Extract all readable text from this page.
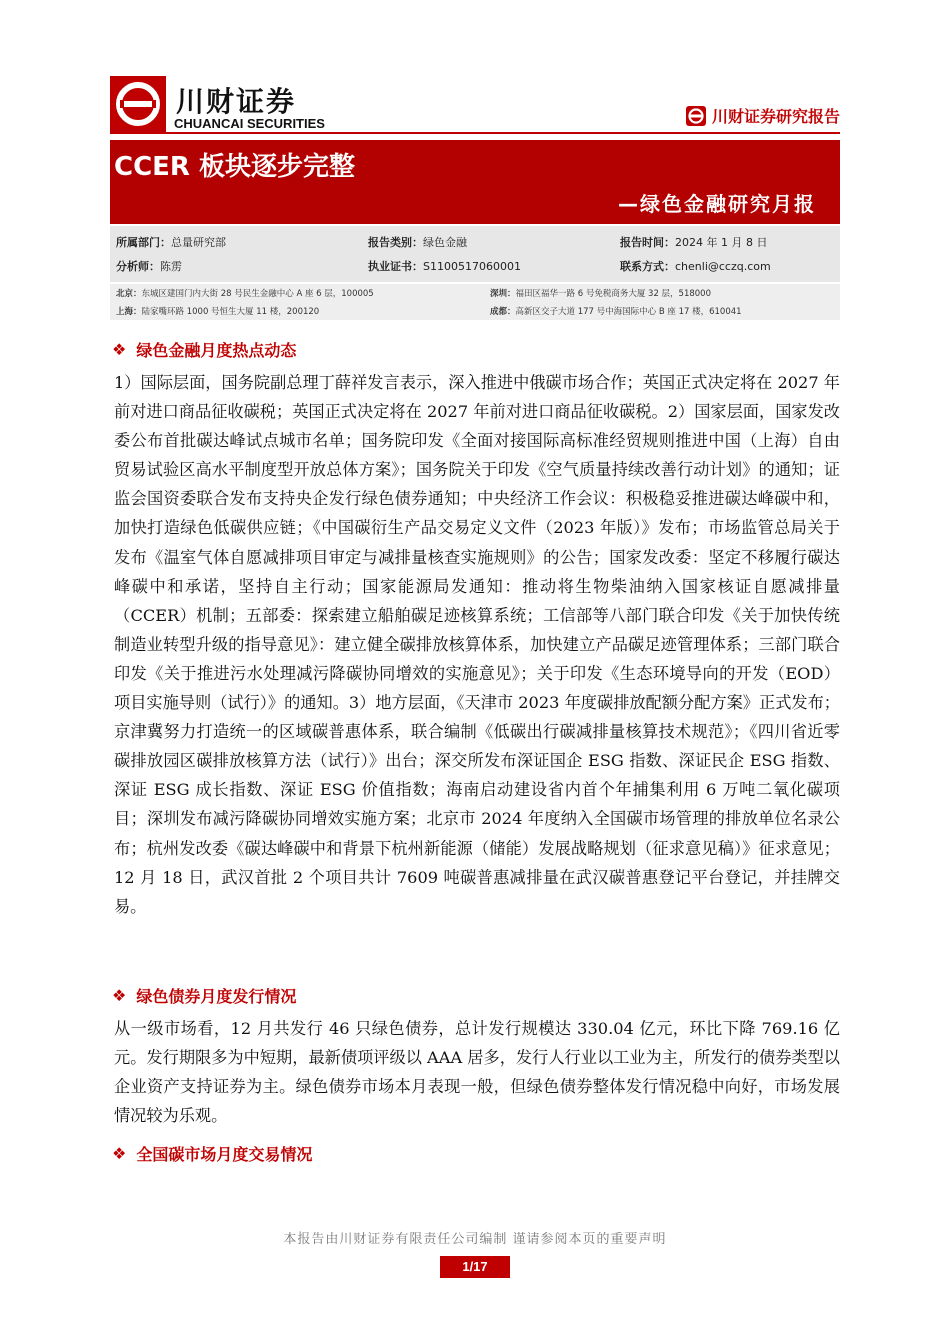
川财证券
CHUANCAI SECURITIES	川财证券研究报告
CCER 板块逐步完整
—绿色金融研究月报
所属部门：总量研究部	报告类别：绿色金融	报告时间：2024 年 1 月 8 日
分析师：陈雳	执业证书：S1100517060001	联系方式：chenli@cczq.com
北京：东城区建国门内大街 28 号民生金融中心 A 座 6 层，100005	深圳：福田区福华一路 6 号免税商务大厦 32 层，518000
上海：陆家嘴环路 1000 号恒生大厦 11 楼，200120	成都：高新区交子大道 177 号中海国际中心 B 座 17 楼，610041
❖ 绿色金融月度热点动态

1）国际层面，国务院副总理丁薛祥发言表示，深入推进中俄碳市场合作；英国正式决定将在 2027 年前对进口商品征收碳税；英国正式决定将在 2027 年前对进口商品征收碳税。2）国家层面，国家发改委公布首批碳达峰试点城市名单；国务院印发《全面对接国际高标准经贸规则推进中国（上海）自由贸易试验区高水平制度型开放总体方案》；国务院关于印发《空气质量持续改善行动计划》的通知；证监会国资委联合发布支持央企发行绿色债券通知；中央经济工作会议：积极稳妥推进碳达峰碳中和，加快打造绿色低碳供应链；《中国碳衍生产品交易定义文件（2023 年版）》发布；市场监管总局关于发布《温室气体自愿减排项目审定与减排量核查实施规则》的公告；国家发改委：坚定不移履行碳达峰碳中和承诺，坚持自主行动；国家能源局发通知：推动将生物柴油纳入国家核证自愿减排量（CCER）机制；五部委：探索建立船舶碳足迹核算系统；工信部等八部门联合印发《关于加快传统制造业转型升级的指导意见》：建立健全碳排放核算体系，加快建立产品碳足迹管理体系；三部门联合印发《关于推进污水处理减污降碳协同增效的实施意见》；关于印发《生态环境导向的开发（EOD）项目实施导则（试行）》的通知。3）地方层面，《天津市 2023 年度碳排放配额分配方案》正式发布；京津冀努力打造统一的区域碳普惠体系，联合编制《低碳出行碳减排量核算技术规范》；《四川省近零碳排放园区碳排放核算方法（试行）》出台；深交所发布深证国企 ESG 指数、深证民企 ESG 指数、深证 ESG 成长指数、深证 ESG 价值指数；海南启动建设省内首个年捕集利用 6 万吨二氧化碳项目；深圳发布减污降碳协同增效实施方案；北京市 2024 年度纳入全国碳市场管理的排放单位名录公布；杭州发改委《碳达峰碳中和背景下杭州新能源（储能）发展战略规划（征求意见稿）》征求意见；12 月 18 日，武汉首批 2 个项目共计 7609 吨碳普惠减排量在武汉碳普惠登记平台登记，并挂牌交易。

❖ 绿色债券月度发行情况

从一级市场看，12 月共发行 46 只绿色债券，总计发行规模达 330.04 亿元，环比下降 769.16 亿元。发行期限多为中短期，最新债项评级以 AAA 居多，发行人行业以工业为主，所发行的债券类型以企业资产支持证券为主。绿色债券市场本月表现一般，但绿色债券整体发行情况稳中向好，市场发展情况较为乐观。

❖ 全国碳市场月度交易情况
本报告由川财证券有限责任公司编制 谨请参阅本页的重要声明
1/17
